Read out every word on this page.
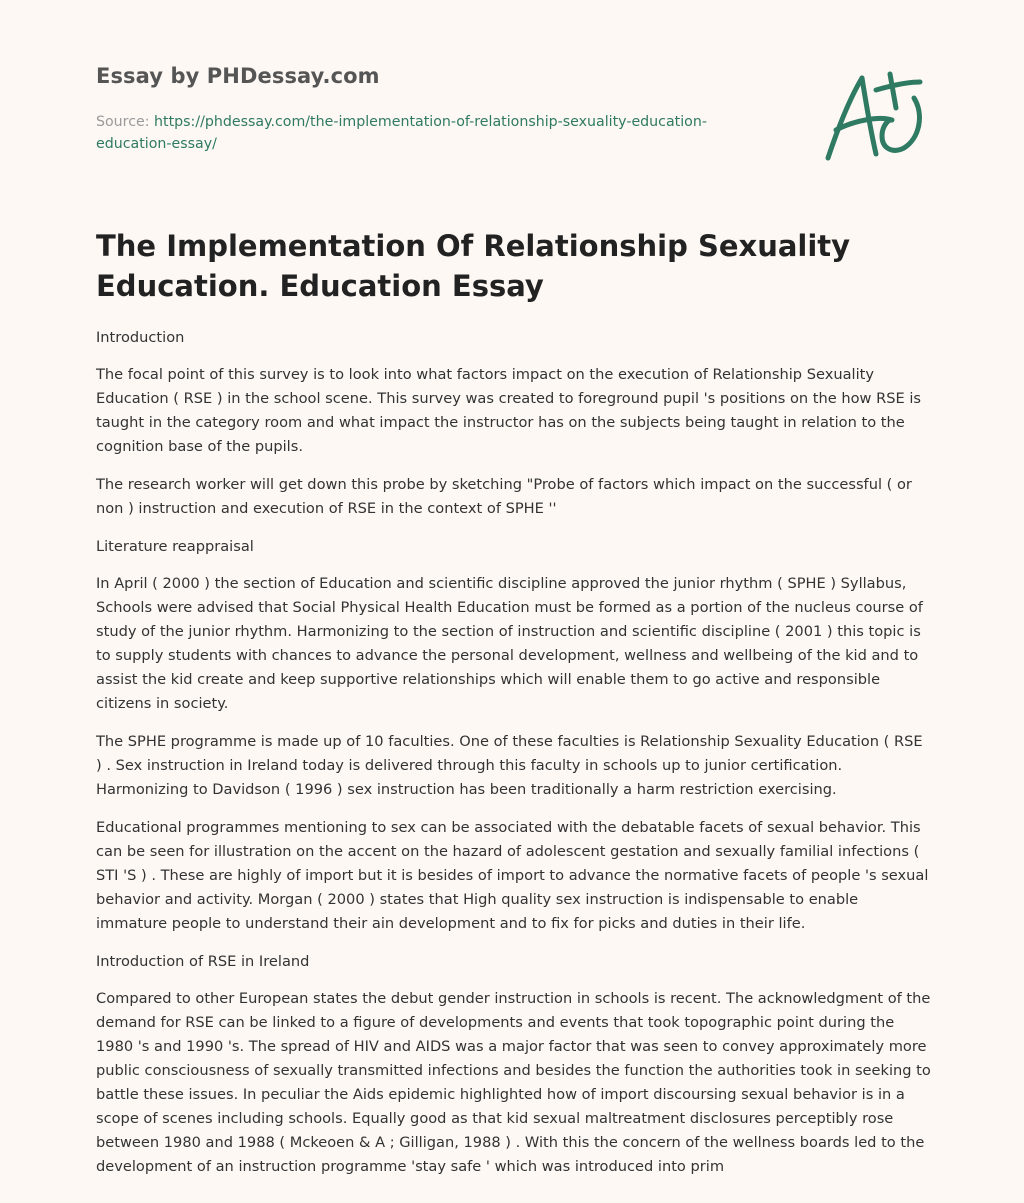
Essay by PHDessay.com

Source: https://phdessay.com/the-implementation-of-relationship-sexuality-education-education-essay/

The Implementation Of Relationship Sexuality Education. Education Essay

Introduction

The focal point of this survey is to look into what factors impact on the execution of Relationship Sexuality Education ( RSE ) in the school scene. This survey was created to foreground pupil 's positions on the how RSE is taught in the category room and what impact the instructor has on the subjects being taught in relation to the cognition base of the pupils.

The research worker will get down this probe by sketching "Probe of factors which impact on the successful ( or non ) instruction and execution of RSE in the context of SPHE ''

Literature reappraisal

In April ( 2000 ) the section of Education and scientific discipline approved the junior rhythm ( SPHE ) Syllabus, Schools were advised that Social Physical Health Education must be formed as a portion of the nucleus course of study of the junior rhythm. Harmonizing to the section of instruction and scientific discipline ( 2001 ) this topic is to supply students with chances to advance the personal development, wellness and wellbeing of the kid and to assist the kid create and keep supportive relationships which will enable them to go active and responsible citizens in society.

The SPHE programme is made up of 10 faculties. One of these faculties is Relationship Sexuality Education ( RSE ) . Sex instruction in Ireland today is delivered through this faculty in schools up to junior certification. Harmonizing to Davidson ( 1996 ) sex instruction has been traditionally a harm restriction exercising.

Educational programmes mentioning to sex can be associated with the debatable facets of sexual behavior. This can be seen for illustration on the accent on the hazard of adolescent gestation and sexually familial infections ( STI 'S ) . These are highly of import but it is besides of import to advance the normative facets of people 's sexual behavior and activity. Morgan ( 2000 ) states that High quality sex instruction is indispensable to enable immature people to understand their ain development and to fix for picks and duties in their life.

Introduction of RSE in Ireland

Compared to other European states the debut gender instruction in schools is recent. The acknowledgment of the demand for RSE can be linked to a figure of developments and events that took topographic point during the 1980 's and 1990 's. The spread of HIV and AIDS was a major factor that was seen to convey approximately more public consciousness of sexually transmitted infections and besides the function the authorities took in seeking to battle these issues. In peculiar the Aids epidemic highlighted how of import discoursing sexual behavior is in a scope of scenes including schools. Equally good as that kid sexual maltreatment disclosures perceptibly rose between 1980 and 1988 ( Mckeoen & A ; Gilligan, 1988 ) . With this the concern of the wellness boards led to the development of an instruction programme 'stay safe ' which was introduced into prim
